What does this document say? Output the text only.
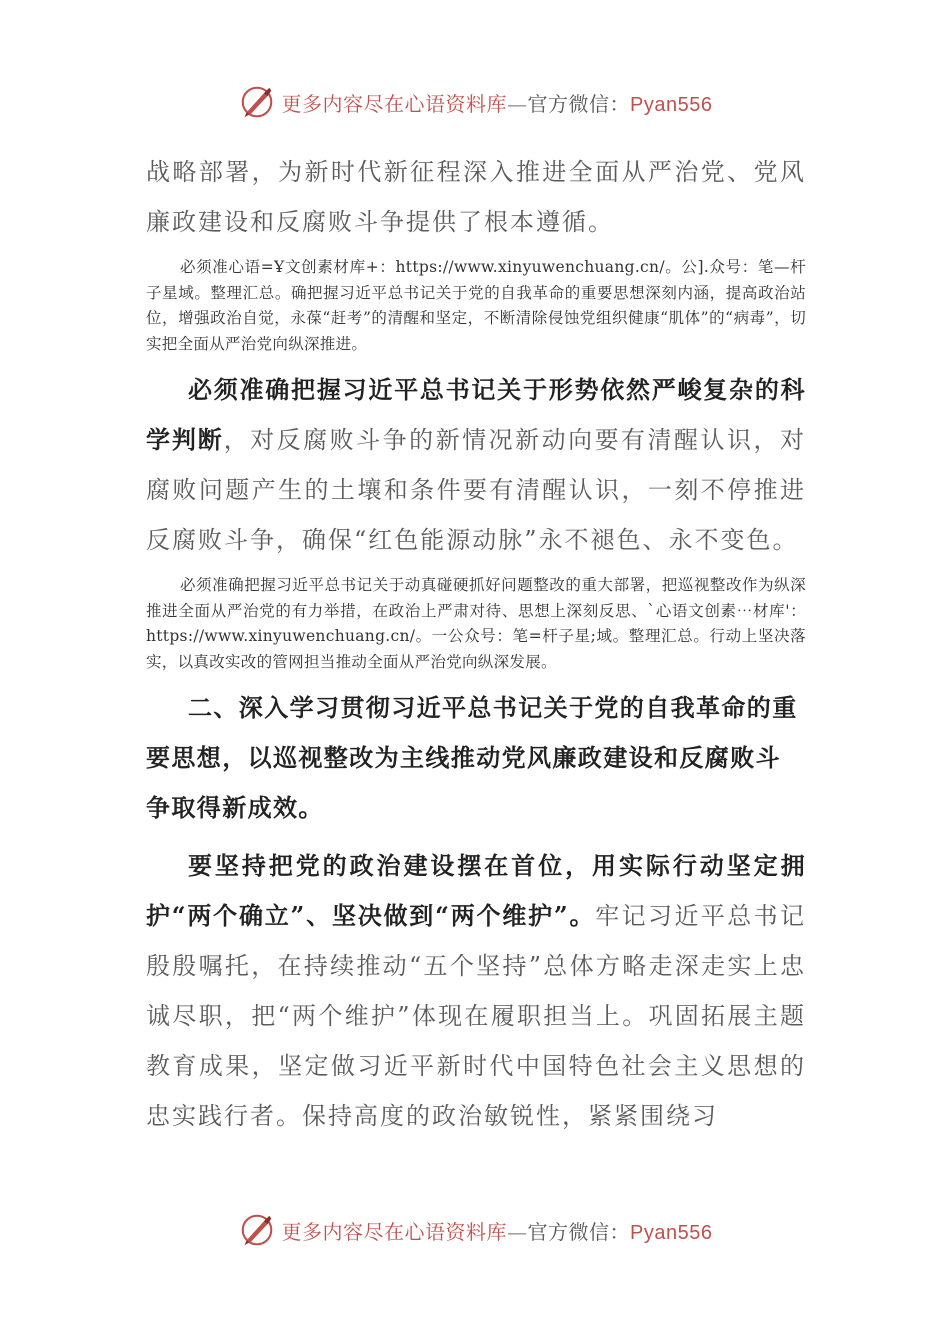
更多内容尽在心语资料库—官方微信：Pyan556

战略部署，为新时代新征程深入推进全面从严治党、党风廉政建设和反腐败斗争提供了根本遵循。

必须准心语=Ұ文创素材库+：https://www.xinyuwenchuang.cn/。公].众号：笔—杆子星域。整理汇总。确把握习近平总书记关于党的自我革命的重要思想深刻内涵，提高政治站位，增强政治自觉，永葆“赶考”的清醒和坚定，不断清除侵蚀党组织健康“肌体”的“病毒”，切实把全面从严治党向纵深推进。

必须准确把握习近平总书记关于形势依然严峻复杂的科学判断，对反腐败斗争的新情况新动向要有清醒认识，对腐败问题产生的土壤和条件要有清醒认识，一刻不停推进反腐败斗争，确保“红色能源动脉”永不褪色、永不变色。

必须准确把握习近平总书记关于动真碰硬抓好问题整改的重大部署，把巡视整改作为纵深推进全面从严治党的有力举措，在政治上严肃对待、思想上深刻反思、`心语文创素⋯材库'：https://www.xinyuwenchuang.cn/。一公众号：笔=杆子星;域。整理汇总。行动上坚决落实，以真改实改的管网担当推动全面从严治党向纵深发展。

二、深入学习贯彻习近平总书记关于党的自我革命的重要思想，以巡视整改为主线推动党风廉政建设和反腐败斗争取得新成效。

要坚持把党的政治建设摆在首位，用实际行动坚定拥护“两个确立”、坚决做到“两个维护”。牢记习近平总书记殷殷嘱托，在持续推动“五个坚持”总体方略走深走实上忠诚尽职，把“两个维护”体现在履职担当上。巩固拓展主题教育成果，坚定做习近平新时代中国特色社会主义思想的忠实践行者。保持高度的政治敏锐性，紧紧围绕习

更多内容尽在心语资料库—官方微信：Pyan556
